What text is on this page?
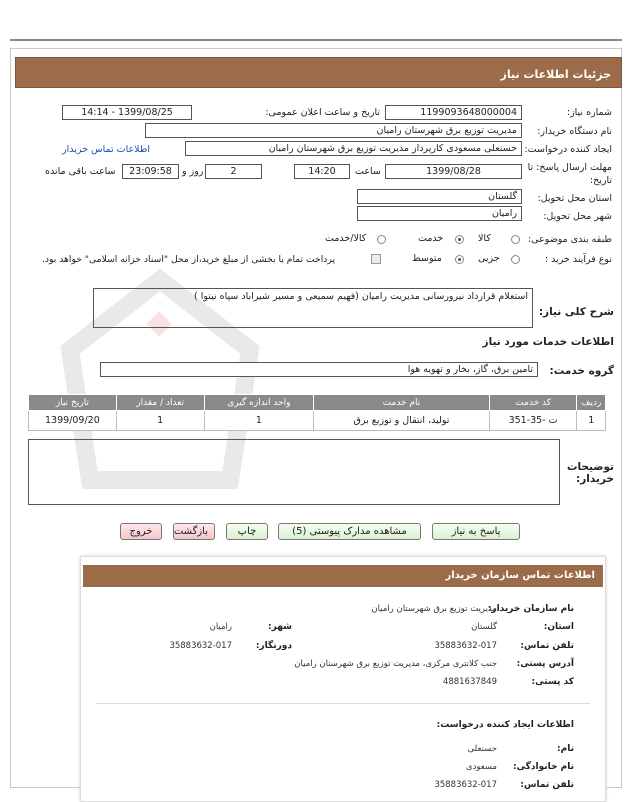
جزئیات اطلاعات نیاز
شماره نیاز:
1199093648000004
تاریخ و ساعت اعلان عمومی:
1399/08/25 - 14:14
نام دستگاه خریدار:
مدیریت توزیع برق شهرستان رامیان
ایجاد کننده درخواست:
حسنعلی مسعودی کارپرداز مدیریت توزیع برق شهرستان رامیان
اطلاعات تماس خریدار
مهلت ارسال پاسخ: تا
تاریخ:
1399/08/28
ساعت
14:20
2
روز و
23:09:58
ساعت باقی مانده
استان محل تحویل:
گلستان
شهر محل تحویل:
رامیان
طبقه بندی موضوعی:
کالا
خدمت
کالا/خدمت
نوع فرآیند خرید :
جزیی
متوسط
پرداخت تمام یا بخشی از مبلغ خرید،از محل "اسناد خزانه اسلامی" خواهد بود.
شرح کلی نیاز:
استعلام قرارداد نیرورسانی مدیریت رامیان (فهیم سمیعی و مسیر شیراباد سپاه نیتوا )
اطلاعات خدمات مورد نیاز
گروه خدمت:
تامین برق، گاز، بخار و تهویه هوا
ردیف	کد خدمت	نام خدمت	واحد اندازه گیری	تعداد / مقدار	تاریخ نیاز
1	ت -35-351	تولید، انتقال و توزیع برق	1	1	1399/09/20
توضیحات خریدار:
پاسخ به نیاز
مشاهده مدارک پیوستی (5)
چاپ
بازگشت
خروج
اطلاعات تماس سازمان خریدار
نام سازمان خریدار:
مدیریت توزیع برق شهرستان رامیان
استان:
گلستان
شهر:
رامیان
تلفن تماس:
35883632-017
دورنگار:
35883632-017
آدرس پستی:
جنب کلانتری مرکزی، مدیریت توزیع برق شهرستان رامیان
کد پستی:
4881637849
اطلاعات ایجاد کننده درخواست:
نام:
حسنعلی
نام خانوادگی:
مسعودی
تلفن تماس:
35883632-017
